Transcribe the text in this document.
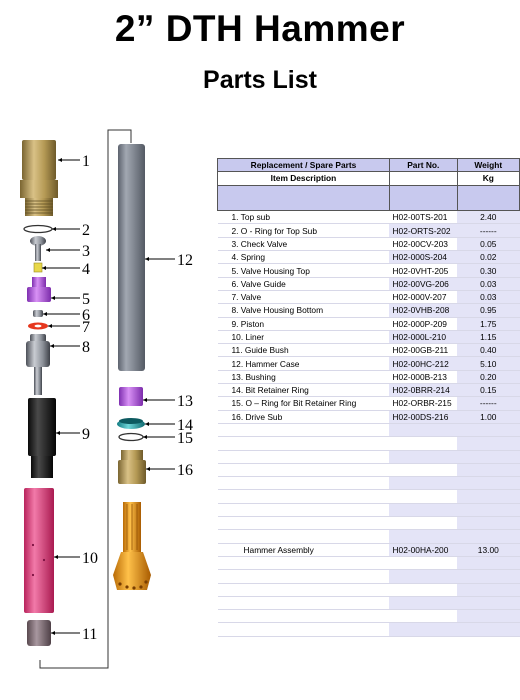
2” DTH Hammer
Parts List
1
2
3
4
5
6
7
8
9
10
11
12
13
14
15
16
Replacement / Spare Parts	Part No.	Weight
Item Description		Kg

1. Top sub	H02-00TS-201	2.40
2. O - Ring for Top Sub	H02-ORTS-202	------
3. Check Valve	H02-00CV-203	0.05
4. Spring	H02-000S-204	0.02
5. Valve Housing Top	H02-0VHT-205	0.30
6. Valve Guide	H02-00VG-206	0.03
7. Valve	H02-000V-207	0.03
8. Valve Housing Bottom	H02-0VHB-208	0.95
9. Piston	H02-000P-209	1.75
10. Liner	H02-000L-210	1.15
11. Guide Bush	H02-00GB-211	0.40
12. Hammer Case	H02-00HC-212	5.10
13. Bushing	H02-000B-213	0.20
14. Bit Retainer Ring	H02-0BRR-214	0.15
15. O – Ring for Bit Retainer Ring	H02-ORBR-215	------
16. Drive Sub	H02-00DS-216	1.00

Hammer Assembly	H02-00HA-200	13.00
